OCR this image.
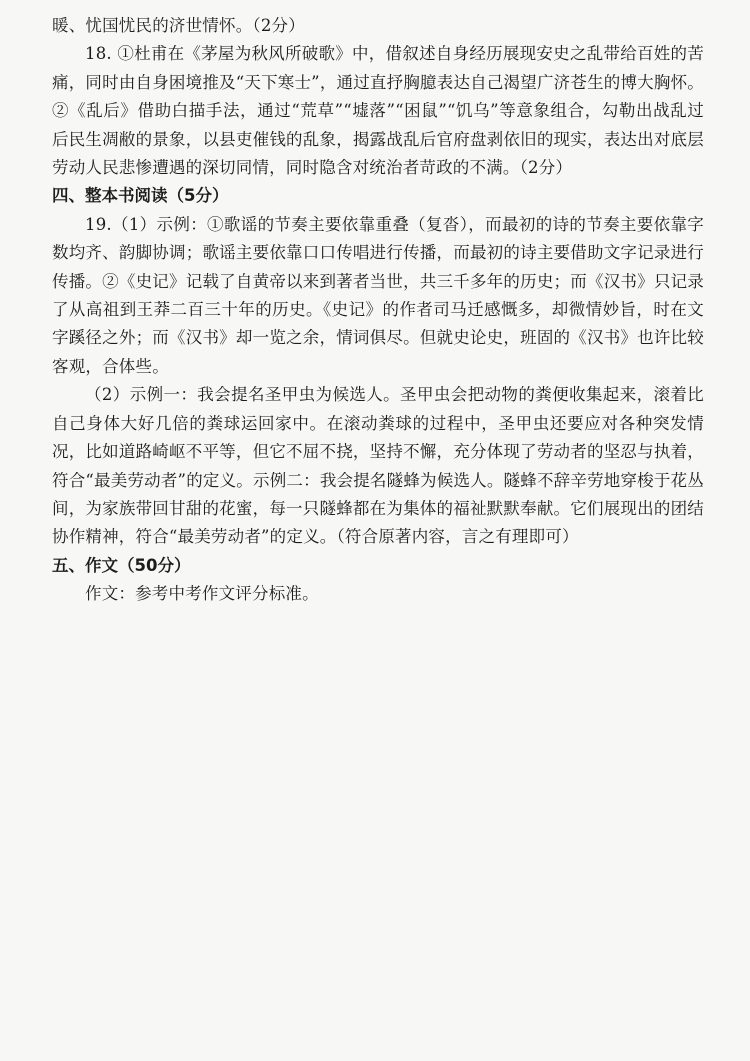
暖、忧国忧民的济世情怀。（2分）

18. ①杜甫在《茅屋为秋风所破歌》中，借叙述自身经历展现安史之乱带给百姓的苦痛，同时由自身困境推及“天下寒士”，通过直抒胸臆表达自己渴望广济苍生的博大胸怀。②《乱后》借助白描手法，通过“荒草”“墟落”“困鼠”“饥乌”等意象组合，勾勒出战乱过后民生凋敝的景象，以县吏催钱的乱象，揭露战乱后官府盘剥依旧的现实，表达出对底层劳动人民悲惨遭遇的深切同情，同时隐含对统治者苛政的不满。（2分）

四、整本书阅读（5分）

19.（1）示例：①歌谣的节奏主要依靠重叠（复沓），而最初的诗的节奏主要依靠字数均齐、韵脚协调；歌谣主要依靠口口传唱进行传播，而最初的诗主要借助文字记录进行传播。②《史记》记载了自黄帝以来到著者当世，共三千多年的历史；而《汉书》只记录了从高祖到王莽二百三十年的历史。《史记》的作者司马迁感慨多，却微情妙旨，时在文字蹊径之外；而《汉书》却一览之余，情词俱尽。但就史论史，班固的《汉书》也许比较客观，合体些。

（2）示例一：我会提名圣甲虫为候选人。圣甲虫会把动物的粪便收集起来，滚着比自己身体大好几倍的粪球运回家中。在滚动粪球的过程中，圣甲虫还要应对各种突发情况，比如道路崎岖不平等，但它不屈不挠，坚持不懈，充分体现了劳动者的坚忍与执着，符合“最美劳动者”的定义。示例二：我会提名隧蜂为候选人。隧蜂不辞辛劳地穿梭于花丛间，为家族带回甘甜的花蜜，每一只隧蜂都在为集体的福祉默默奉献。它们展现出的团结协作精神，符合“最美劳动者”的定义。（符合原著内容，言之有理即可）

五、作文（50分）

作文：参考中考作文评分标准。
